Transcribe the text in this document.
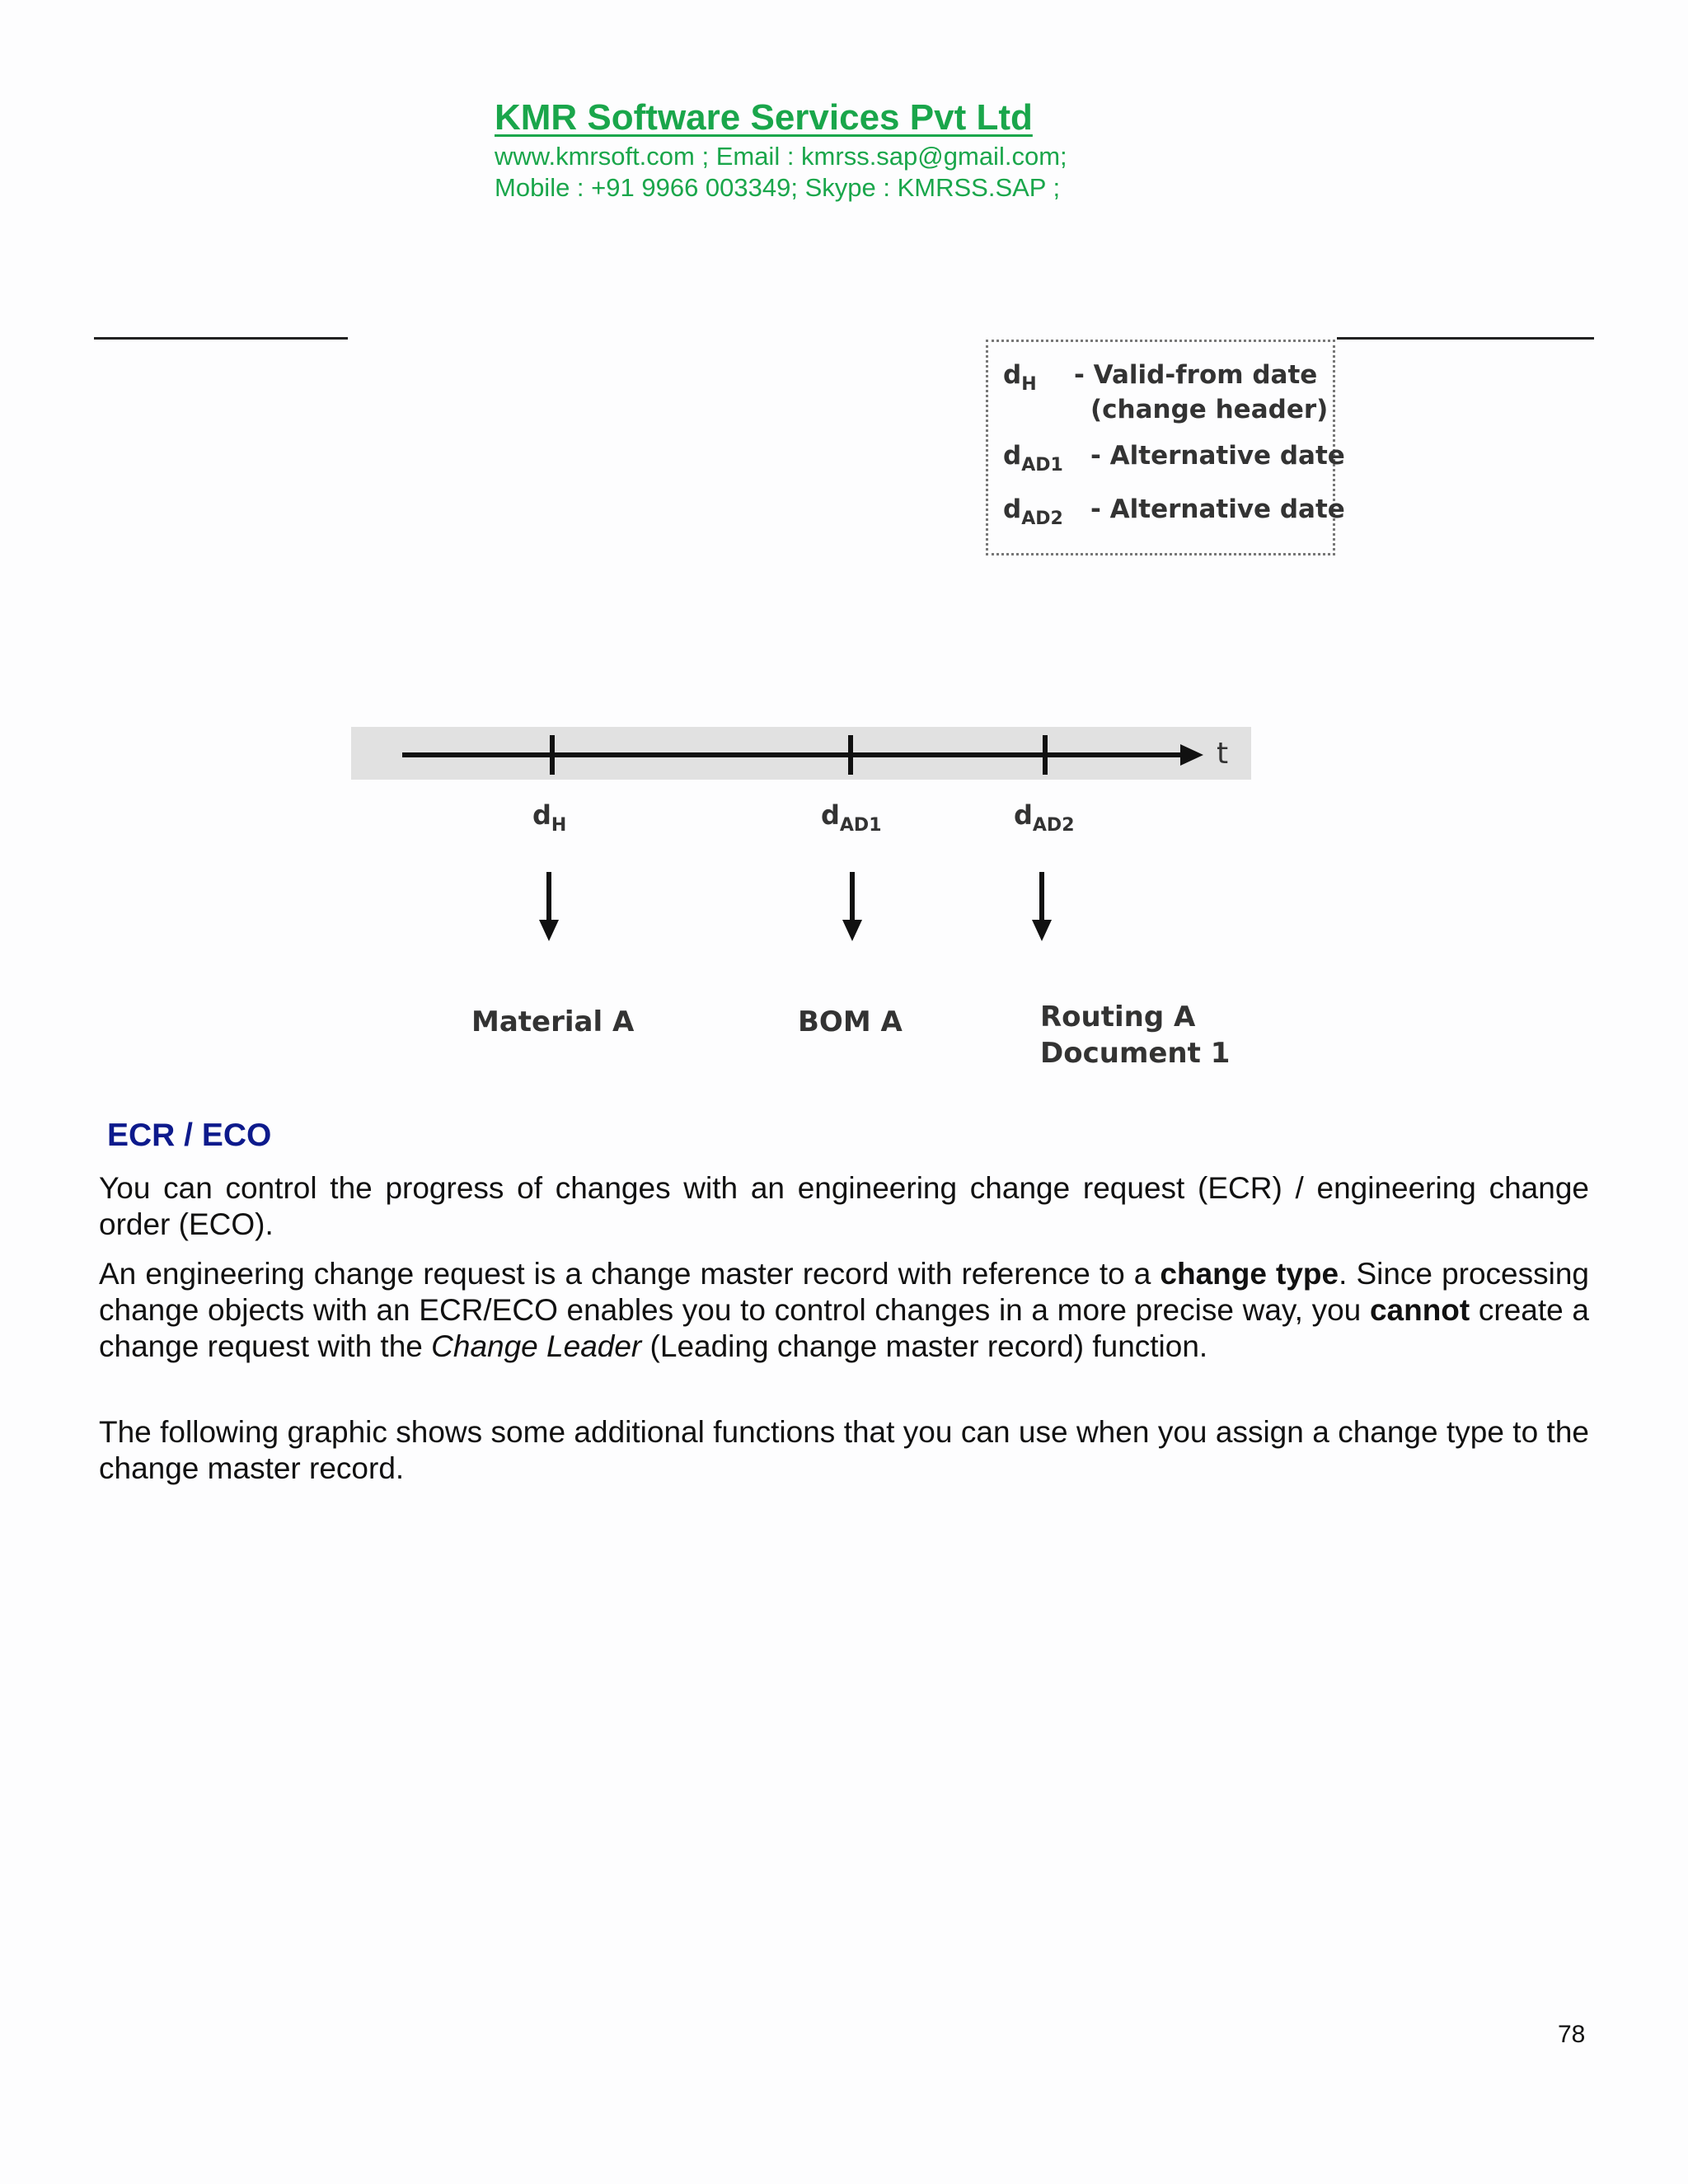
KMR Software Services Pvt Ltd
www.kmrsoft.com ; Email : kmrss.sap@gmail.com;
Mobile : +91 9966 003349; Skype : KMRSS.SAP ;
$d_H$ - Valid-from date
(change header)
$d_{AD1}$ - Alternative date
$d_{AD2}$ - Alternative date
t
$d_H$	$d_{AD1}$	$d_{AD2}$
Material A	BOM A	Routing A
Document 1
ECR / ECO
You can control the progress of changes with an engineering change request (ECR) / engineering change order (ECO).
An engineering change request is a change master record with reference to a change type. Since processing change objects with an ECR/ECO enables you to control changes in a more precise way, you cannot create a change request with the Change Leader (Leading change master record) function.
The following graphic shows some additional functions that you can use when you assign a change type to the change master record.
78
